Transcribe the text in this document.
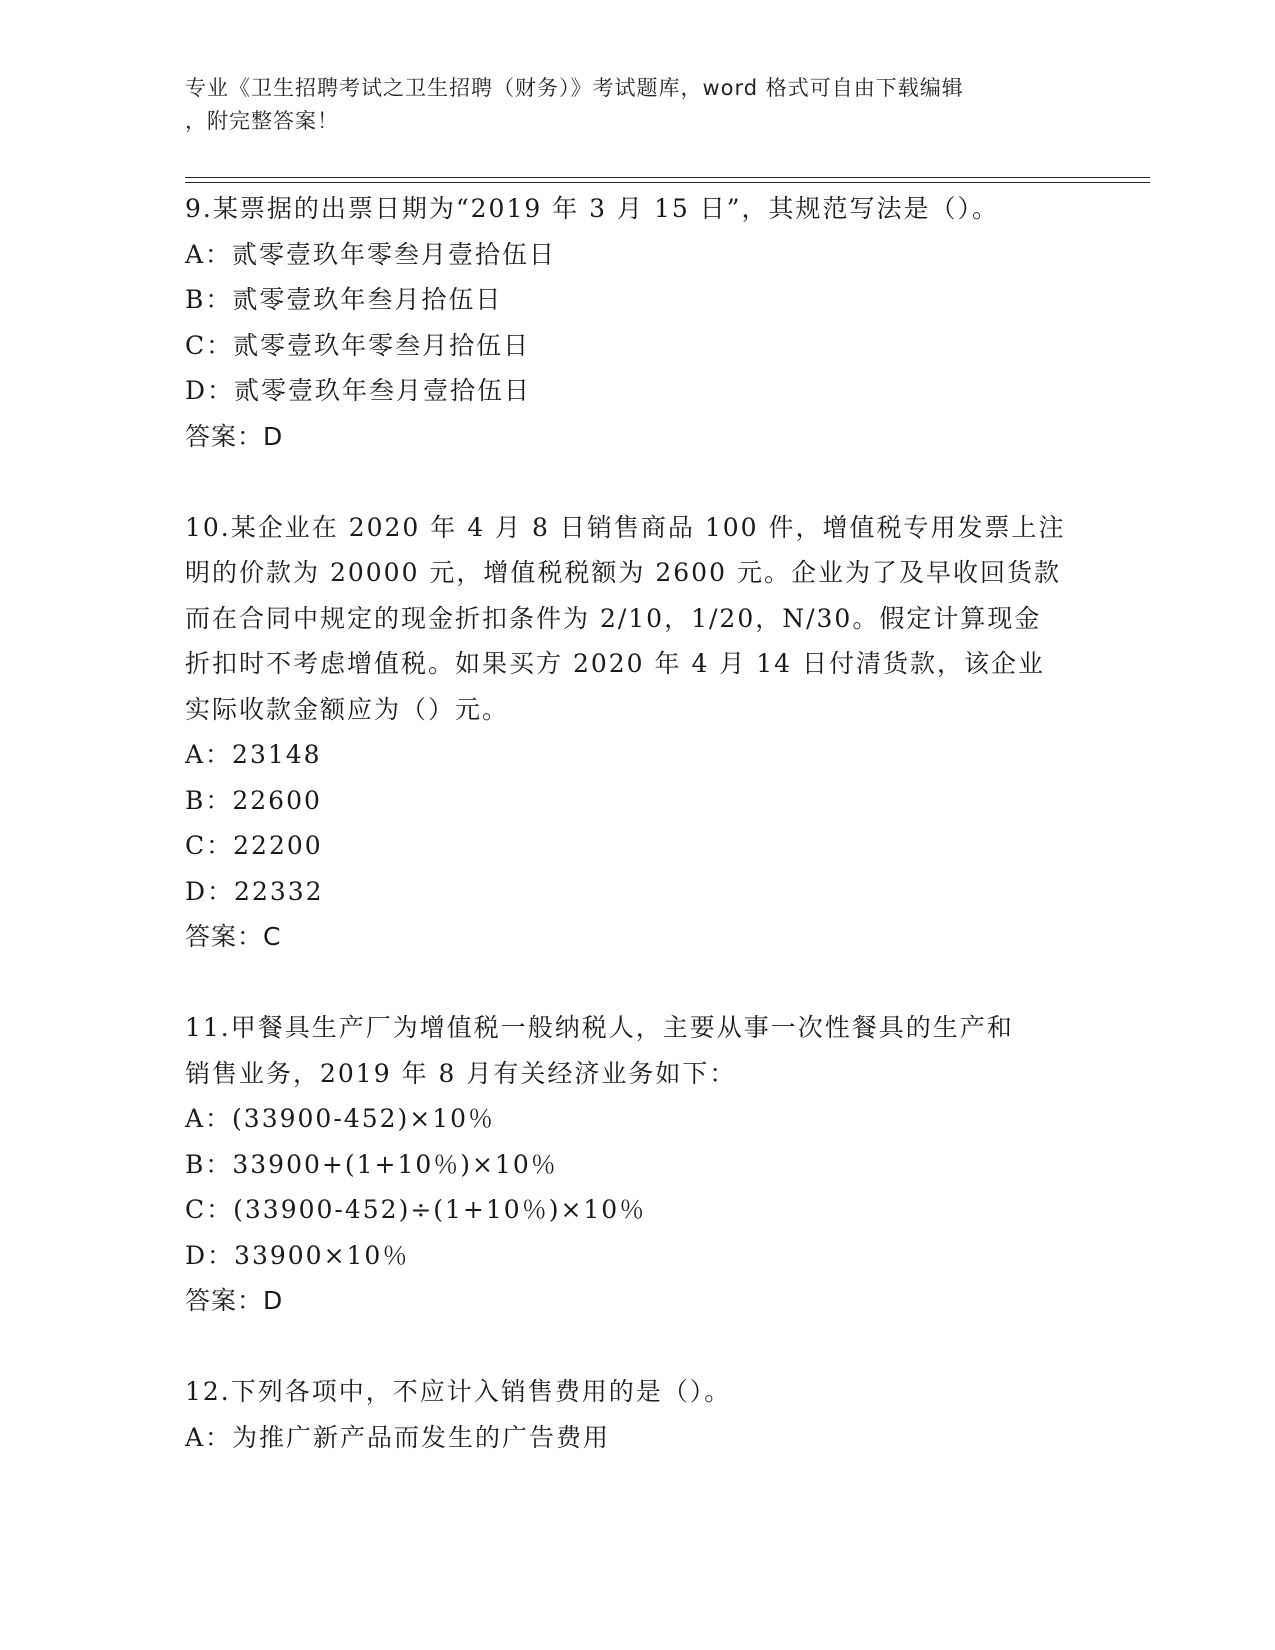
专业《卫生招聘考试之卫生招聘（财务）》考试题库，word 格式可自由下载编辑
，附完整答案！
9.某票据的出票日期为“2019 年 3 月 15 日”，其规范写法是（）。
A：贰零壹玖年零叁月壹拾伍日
B：贰零壹玖年叁月拾伍日
C：贰零壹玖年零叁月拾伍日
D：贰零壹玖年叁月壹拾伍日
答案：D
10.某企业在 2020 年 4 月 8 日销售商品 100 件，增值税专用发票上注
明的价款为 20000 元，增值税税额为 2600 元。企业为了及早收回货款
而在合同中规定的现金折扣条件为 2/10，1/20，N/30。假定计算现金
折扣时不考虑增值税。如果买方 2020 年 4 月 14 日付清货款，该企业
实际收款金额应为（）元。
A：23148
B：22600
C：22200
D：22332
答案：C
11.甲餐具生产厂为增值税一般纳税人，主要从事一次性餐具的生产和
销售业务，2019 年 8 月有关经济业务如下：
A：(33900-452)×10％
B：33900+(1+10％)×10％
C：(33900-452)÷(1+10％)×10％
D：33900×10％
答案：D
12.下列各项中，不应计入销售费用的是（）。
A：为推广新产品而发生的广告费用
